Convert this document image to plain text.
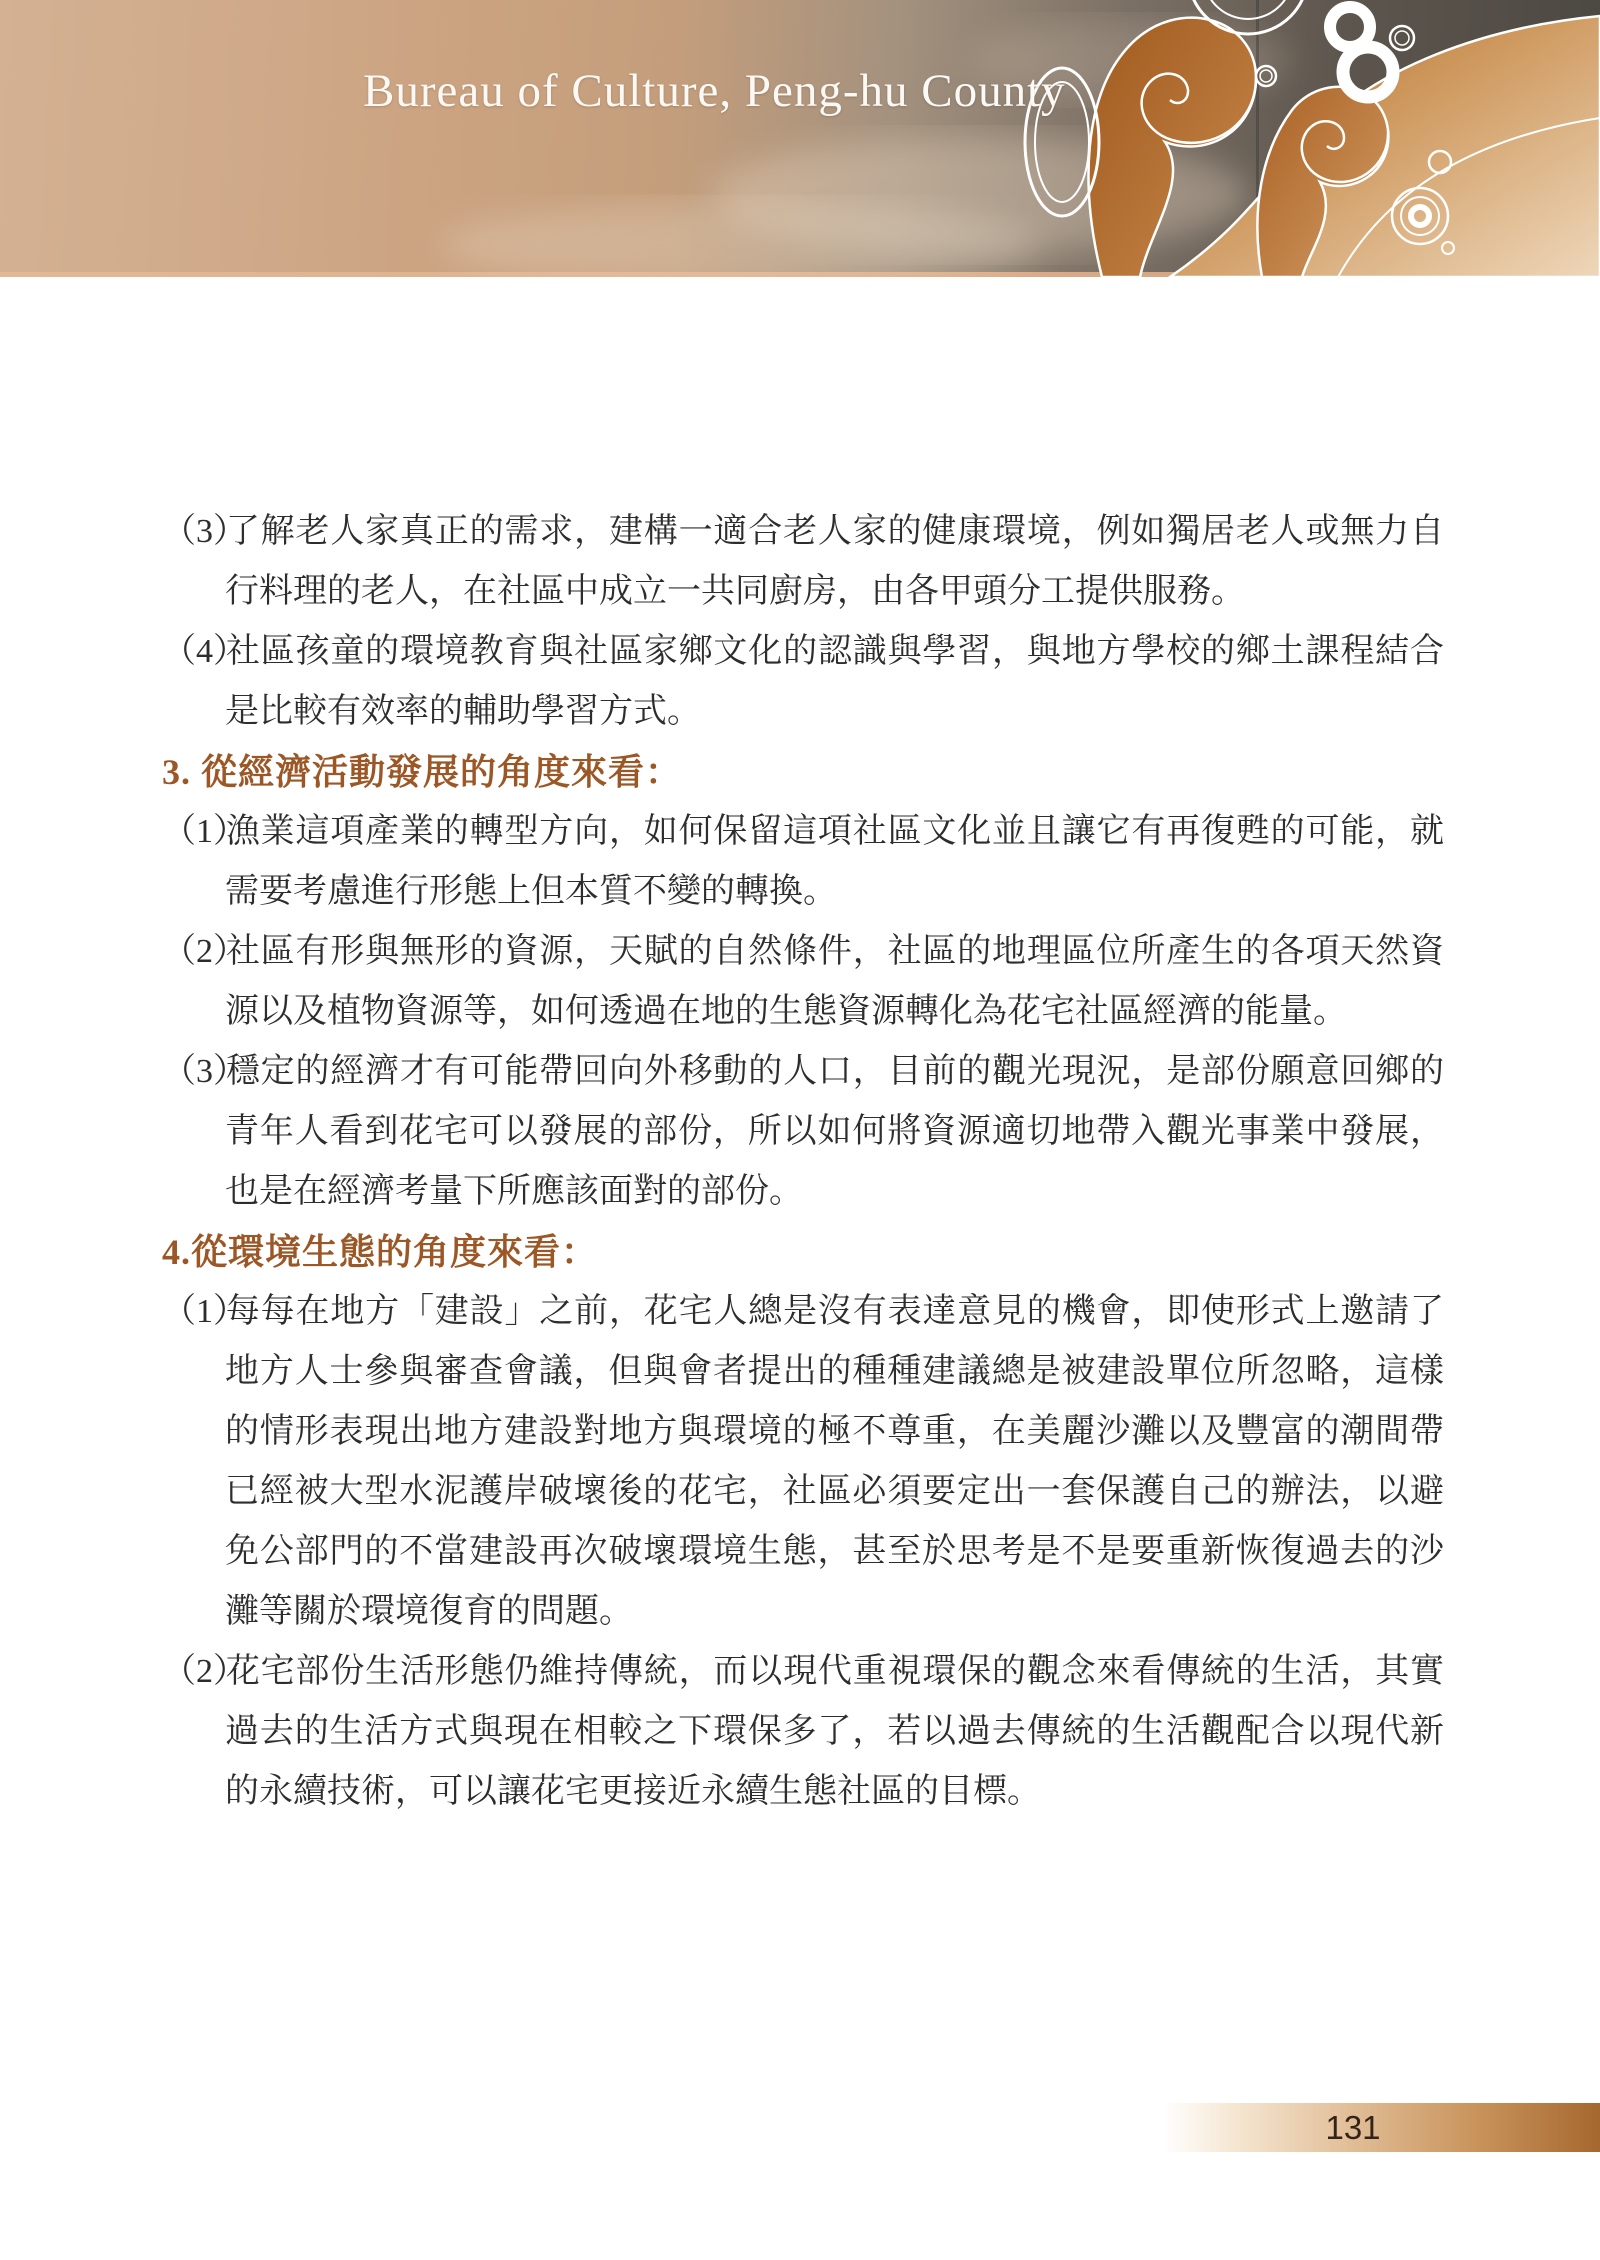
Bureau of Culture, Peng-hu County

（3）了解老人家真正的需求，建構一適合老人家的健康環境，例如獨居老人或無力自行料理的老人，在社區中成立一共同廚房，由各甲頭分工提供服務。

（4）社區孩童的環境教育與社區家鄉文化的認識與學習，與地方學校的鄉土課程結合是比較有效率的輔助學習方式。

3. 從經濟活動發展的角度來看：

（1）漁業這項產業的轉型方向，如何保留這項社區文化並且讓它有再復甦的可能，就需要考慮進行形態上但本質不變的轉換。

（2）社區有形與無形的資源，天賦的自然條件，社區的地理區位所產生的各項天然資源以及植物資源等，如何透過在地的生態資源轉化為花宅社區經濟的能量。

（3）穩定的經濟才有可能帶回向外移動的人口，目前的觀光現況，是部份願意回鄉的青年人看到花宅可以發展的部份，所以如何將資源適切地帶入觀光事業中發展，也是在經濟考量下所應該面對的部份。

4.從環境生態的角度來看：

（1）每每在地方「建設」之前，花宅人總是沒有表達意見的機會，即使形式上邀請了地方人士參與審查會議，但與會者提出的種種建議總是被建設單位所忽略，這樣的情形表現出地方建設對地方與環境的極不尊重，在美麗沙灘以及豐富的潮間帶已經被大型水泥護岸破壞後的花宅，社區必須要定出一套保護自己的辦法，以避免公部門的不當建設再次破壞環境生態，甚至於思考是不是要重新恢復過去的沙灘等關於環境復育的問題。

（2）花宅部份生活形態仍維持傳統，而以現代重視環保的觀念來看傳統的生活，其實過去的生活方式與現在相較之下環保多了，若以過去傳統的生活觀配合以現代新的永續技術，可以讓花宅更接近永續生態社區的目標。

131
